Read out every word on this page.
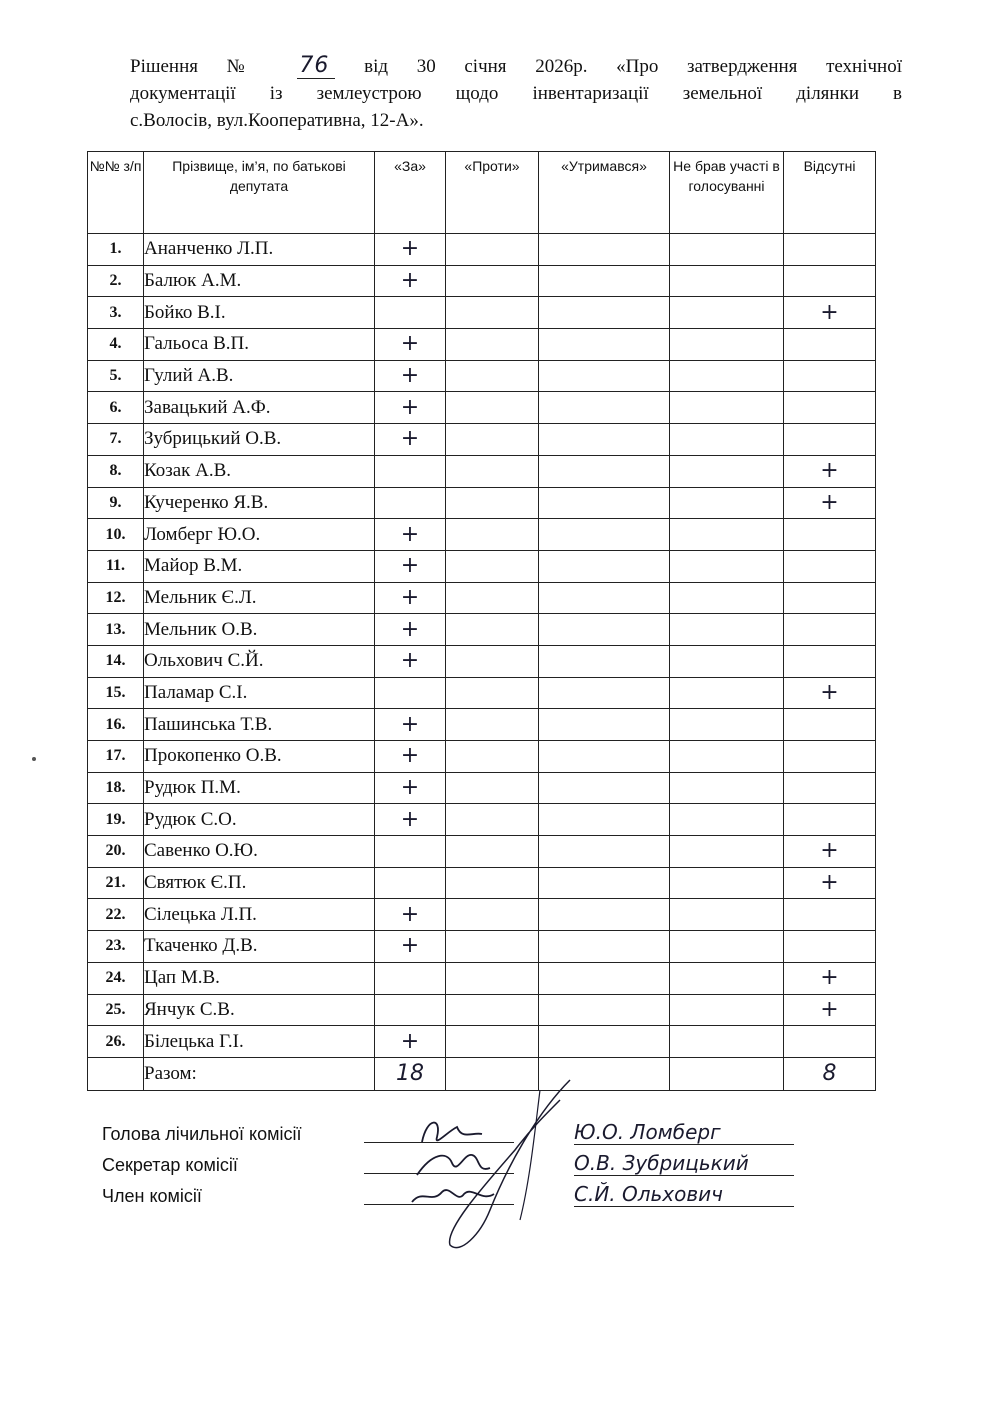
Рішення № 76 від 30 січня 2026р. «Про затвердження технічної
документації із землеустрою щодо інвентаризації земельної ділянки в
с.Волосів, вул.Кооперативна, 12-А».
№№ з/п	Прізвище, ім’я, по батькові депутата	«За»	«Проти»	«Утримався»	Не брав участі в голосуванні	Відсутні
1.	Ананченко Л.П.	+				
2.	Балюк А.М.	+				
3.	Бойко В.І.					+
4.	Гальоса В.П.	+				
5.	Гулий А.В.	+				
6.	Завацький А.Ф.	+				
7.	Зубрицький О.В.	+				
8.	Козак А.В.					+
9.	Кучеренко Я.В.					+
10.	Ломберг Ю.О.	+				
11.	Майор В.М.	+				
12.	Мельник Є.Л.	+				
13.	Мельник О.В.	+				
14.	Ольхович С.Й.	+				
15.	Паламар С.І.					+
16.	Пашинська Т.В.	+				
17.	Прокопенко О.В.	+				
18.	Рудюк П.М.	+				
19.	Рудюк С.О.	+				
20.	Савенко О.Ю.					+
21.	Святюк Є.П.					+
22.	Сілецька Л.П.	+				
23.	Ткаченко Д.В.	+				
24.	Цап М.В.					+
25.	Янчук С.В.					+
26.	Білецька Г.І.	+				
	Разом:	18				8
Голова лічильної комісії	Ю.О. Ломберг
Секретар комісії	О.В. Зубрицький
Член комісії	С.Й. Ольхович
